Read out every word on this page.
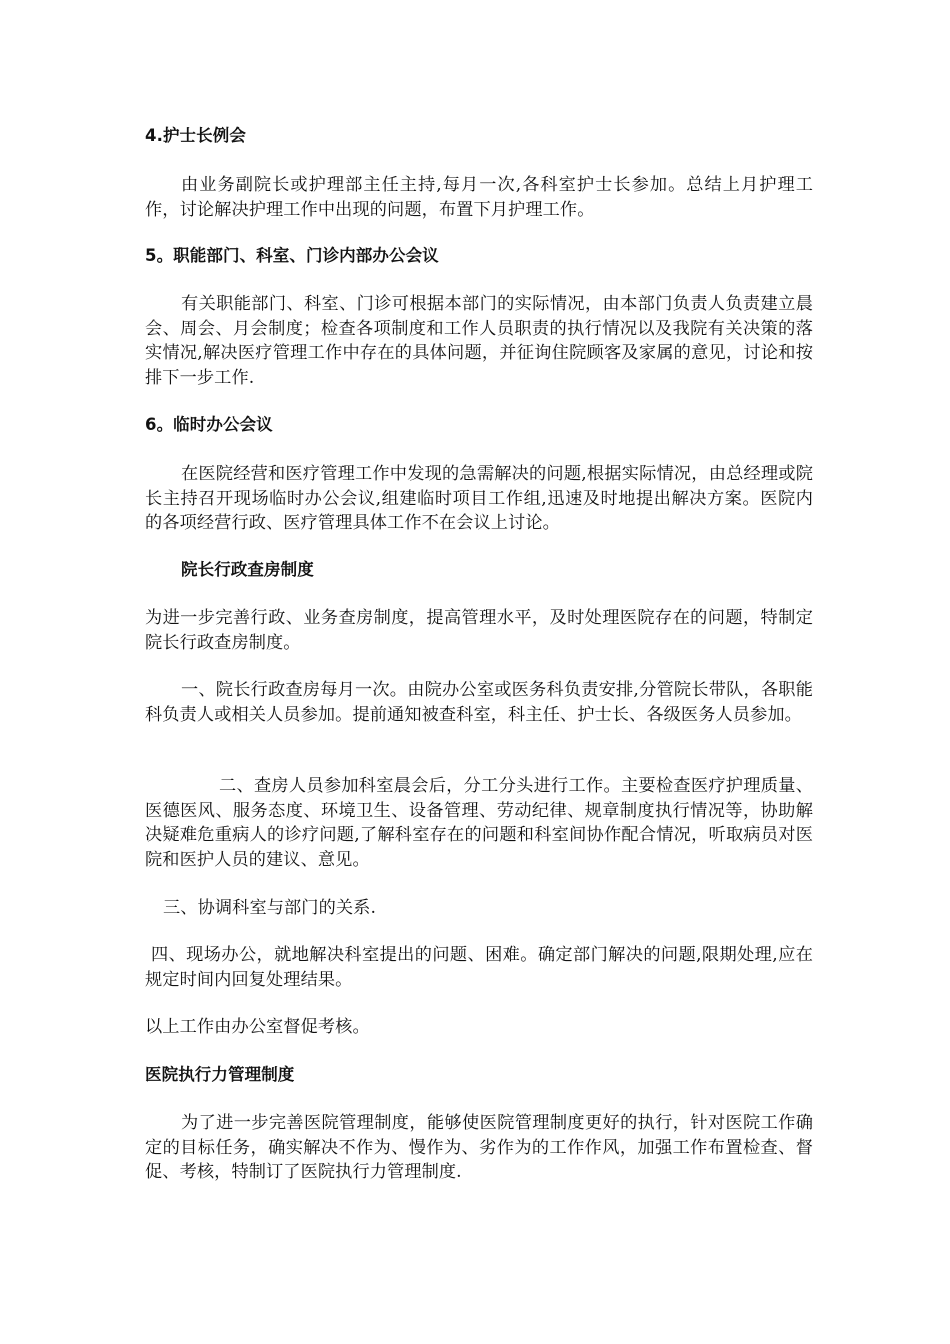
4.护士长例会

由业务副院长或护理部主任主持,每月一次,各科室护士长参加。总结上月护理工作，讨论解决护理工作中出现的问题，布置下月护理工作。

5。职能部门、科室、门诊内部办公会议

有关职能部门、科室、门诊可根据本部门的实际情况，由本部门负责人负责建立晨会、周会、月会制度；检查各项制度和工作人员职责的执行情况以及我院有关决策的落实情况,解决医疗管理工作中存在的具体问题，并征询住院顾客及家属的意见，讨论和按排下一步工作.

6。临时办公会议

在医院经营和医疗管理工作中发现的急需解决的问题,根据实际情况，由总经理或院长主持召开现场临时办公会议,组建临时项目工作组,迅速及时地提出解决方案。医院内的各项经营行政、医疗管理具体工作不在会议上讨论。

院长行政查房制度

为进一步完善行政、业务查房制度，提高管理水平，及时处理医院存在的问题，特制定院长行政查房制度。

一、院长行政查房每月一次。由院办公室或医务科负责安排,分管院长带队，各职能科负责人或相关人员参加。提前通知被查科室，科主任、护士长、各级医务人员参加。

二、查房人员参加科室晨会后，分工分头进行工作。主要检查医疗护理质量、医德医风、服务态度、环境卫生、设备管理、劳动纪律、规章制度执行情况等，协助解决疑难危重病人的诊疗问题,了解科室存在的问题和科室间协作配合情况，听取病员对医院和医护人员的建议、意见。

三、协调科室与部门的关系.

四、现场办公，就地解决科室提出的问题、困难。确定部门解决的问题,限期处理,应在规定时间内回复处理结果。

以上工作由办公室督促考核。

医院执行力管理制度

为了进一步完善医院管理制度，能够使医院管理制度更好的执行，针对医院工作确定的目标任务，确实解决不作为、慢作为、劣作为的工作作风，加强工作布置检查、督促、考核，特制订了医院执行力管理制度.
